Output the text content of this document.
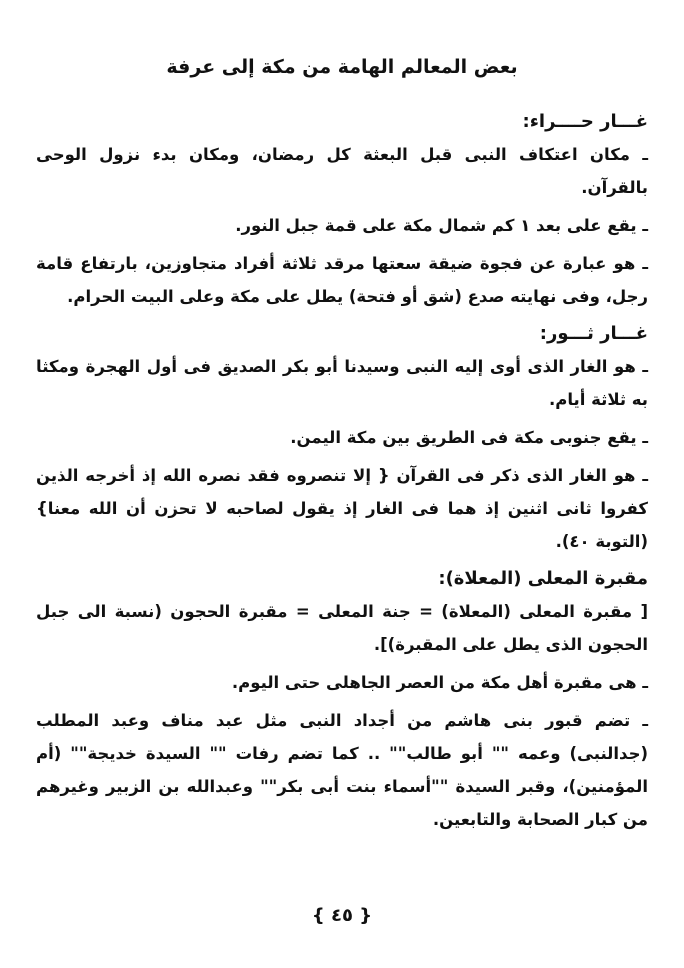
بعض المعالم الهامة من مكة إلى عرفة
غـــار حــــراء:

ـ مكان اعتكاف النبى قبل البعثة كل رمضان، ومكان بدء نزول الوحى بالقرآن.

ـ يقع على بعد ١ كم شمال مكة على قمة جبل النور.

ـ هو عبارة عن فجوة ضيقة سعتها مرقد ثلاثة أفراد متجاوزين، بارتفاع قامة رجل، وفى نهايته صدع (شق أو فتحة) يطل على مكة وعلى البيت الحرام.

غـــار ثـــور:

ـ هو الغار الذى أوى إليه النبى وسيدنا أبو بكر الصديق فى أول الهجرة ومكثا به ثلاثة أيام.

ـ يقع جنوبى مكة فى الطريق بين مكة اليمن.

ـ هو الغار الذى ذكر فى القرآن { إلا تنصروه فقد نصره الله إذ أخرجه الذين كفروا ثانى اثنين إذ هما فى الغار إذ يقول لصاحبه لا تحزن أن الله معنا} (التوبة ٤٠).

مقبرة المعلى (المعلاة):

[ مقبرة المعلى (المعلاة) = جنة المعلى = مقبرة الحجون (نسبة الى جبل الحجون الذى يطل على المقبرة)].

ـ هى مقبرة أهل مكة من العصر الجاهلى حتى اليوم.

ـ تضم قبور بنى هاشم من أجداد النبى مثل عبد مناف وعبد المطلب (جدالنبى) وعمه "" أبو طالب"" .. كما تضم رفات "" السيدة خديجة"" (أم المؤمنين)، وقبر السيدة ""أسماء بنت أبى بكر"" وعبدالله بن الزبير وغيرهم من كبار الصحابة والتابعين.

{ ٤٥ }
